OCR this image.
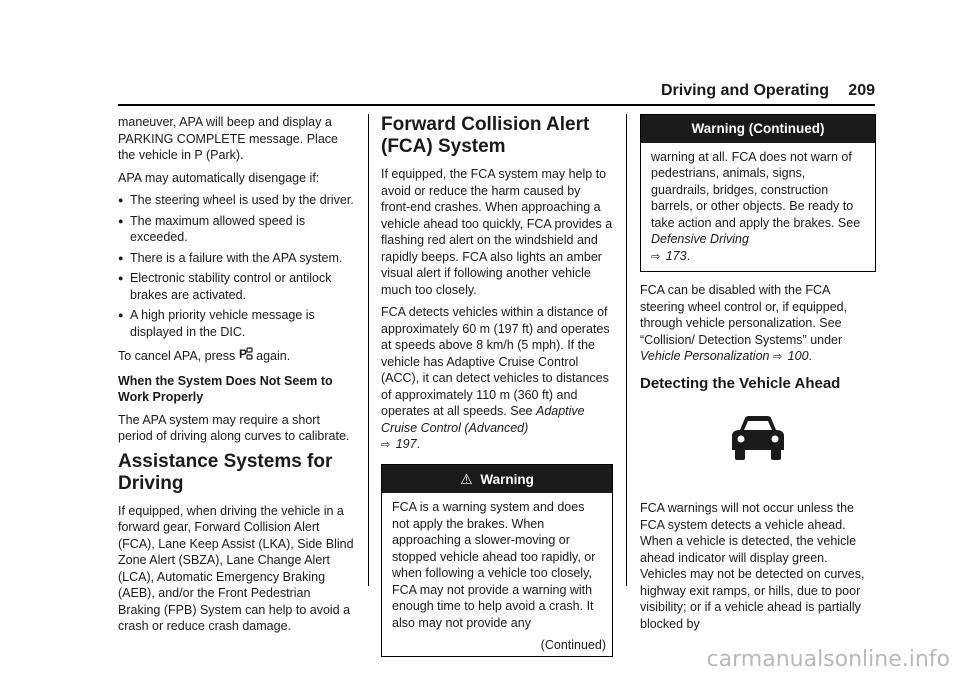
Driving and Operating 209

maneuver, APA will beep and display a PARKING COMPLETE message. Place the vehicle in P (Park).

APA may automatically disengage if:

● The steering wheel is used by the driver.
● The maximum allowed speed is exceeded.
● There is a failure with the APA system.
● Electronic stability control or antilock brakes are activated.
● A high priority vehicle message is displayed in the DIC.

To cancel APA, press P again.

When the System Does Not Seem to Work Properly

The APA system may require a short period of driving along curves to calibrate.

Assistance Systems for Driving

If equipped, when driving the vehicle in a forward gear, Forward Collision Alert (FCA), Lane Keep Assist (LKA), Side Blind Zone Alert (SBZA), Lane Change Alert (LCA), Automatic Emergency Braking (AEB), and/or the Front Pedestrian Braking (FPB) System can help to avoid a crash or reduce crash damage.

Forward Collision Alert (FCA) System

If equipped, the FCA system may help to avoid or reduce the harm caused by front-end crashes. When approaching a vehicle ahead too quickly, FCA provides a flashing red alert on the windshield and rapidly beeps. FCA also lights an amber visual alert if following another vehicle much too closely.

FCA detects vehicles within a distance of approximately 60 m (197 ft) and operates at speeds above 8 km/h (5 mph). If the vehicle has Adaptive Cruise Control (ACC), it can detect vehicles to distances of approximately 110 m (360 ft) and operates at all speeds. See Adaptive Cruise Control (Advanced)
⇨ 197.

⚠ Warning

FCA is a warning system and does not apply the brakes. When approaching a slower-moving or stopped vehicle ahead too rapidly, or when following a vehicle too closely, FCA may not provide a warning with enough time to help avoid a crash. It also may not provide any

(Continued)
Warning (Continued)

warning at all. FCA does not warn of pedestrians, animals, signs, guardrails, bridges, construction barrels, or other objects. Be ready to take action and apply the brakes. See Defensive Driving
⇨ 173.

FCA can be disabled with the FCA steering wheel control or, if equipped, through vehicle personalization. See “Collision/ Detection Systems” under Vehicle Personalization ⇨ 100.

Detecting the Vehicle Ahead

FCA warnings will not occur unless the FCA system detects a vehicle ahead. When a vehicle is detected, the vehicle ahead indicator will display green. Vehicles may not be detected on curves, highway exit ramps, or hills, due to poor visibility; or if a vehicle ahead is partially blocked by

carmanualsonline.info
